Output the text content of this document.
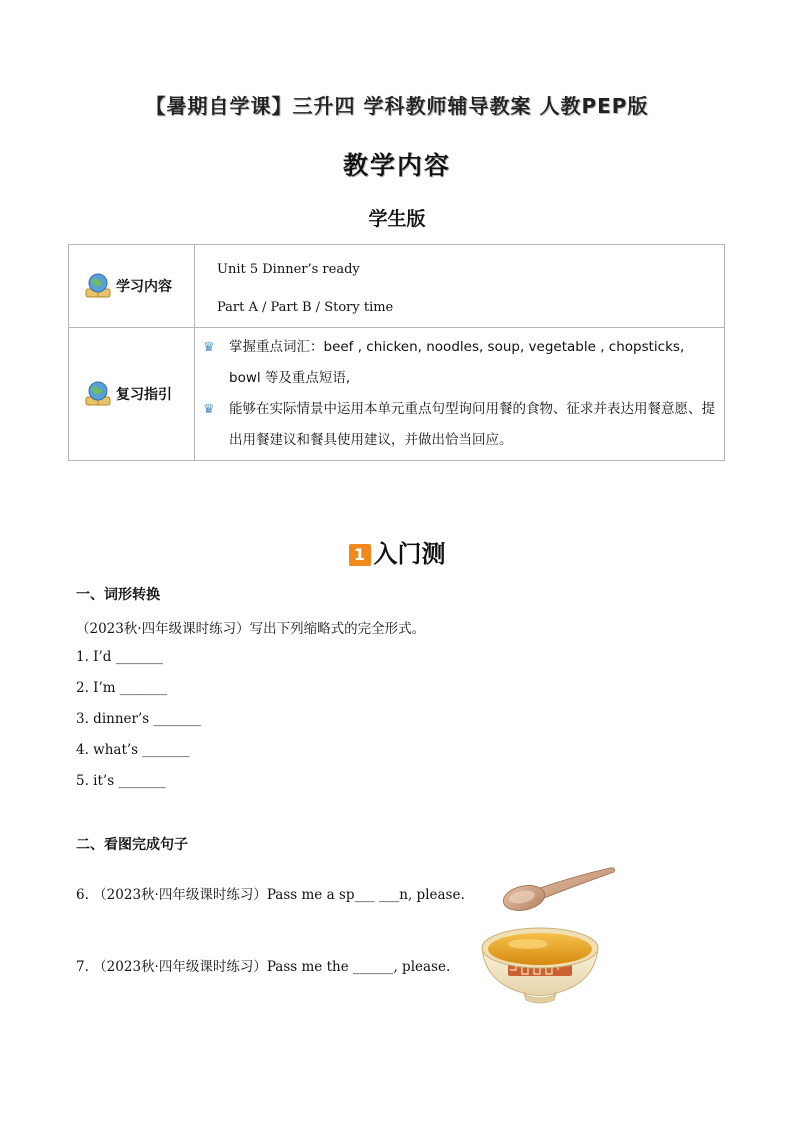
【暑期自学课】三升四 学科教师辅导教案 人教PEP版
教学内容
学生版
学习内容	Unit 5 Dinner’s ready
Part A / Part B / Story time

复习指引	♛ 掌握重点词汇：beef , chicken, noodles, soup, vegetable , chopsticks, bowl 等及重点短语,
♛ 能够在实际情景中运用本单元重点句型询问用餐的食物、征求并表达用餐意愿、提出用餐建议和餐具使用建议，并做出恰当回应。
1 入门测
一、词形转换
（2023秋·四年级课时练习）写出下列缩略式的完全形式。
1. I’d _______
2. I’m _______
3. dinner’s _______
4. what’s _______
5. it’s _______
二、看图完成句子
6. （2023秋·四年级课时练习）Pass me a sp___ ___n, please.
7. （2023秋·四年级课时练习）Pass me the ______, please.
